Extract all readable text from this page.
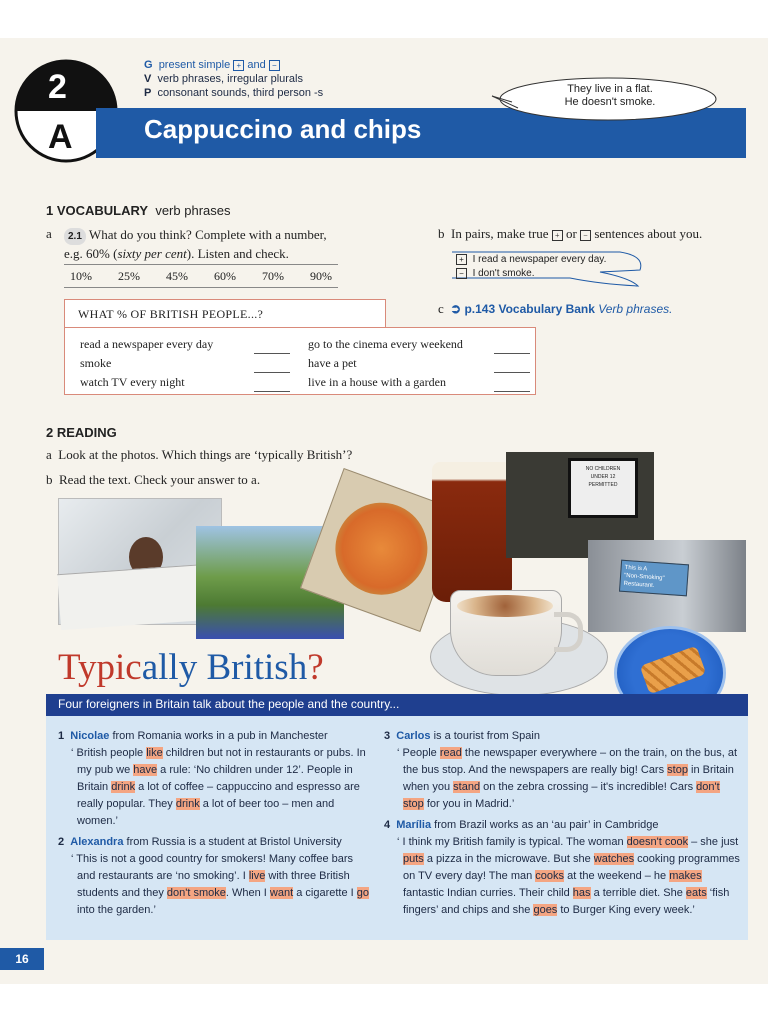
2
A
G present simple + and −
V verb phrases, irregular plurals
P consonant sounds, third person -s
Cappuccino and chips
They live in a flat.
He doesn't smoke.
1 VOCABULARY verb phrases
a	2.1 What do you think? Complete with a number,
e.g. 60% (sixty per cent). Listen and check.
10% 25% 45% 60% 70% 90%
WHAT % OF BRITISH PEOPLE...?
read a newspaper every day
smoke
watch TV every night
go to the cinema every weekend
have a pet
live in a house with a garden
b In pairs, make true + or − sentences about you.
+ I read a newspaper every day.
− I don't smoke.
c ➲ p.143 Vocabulary Bank Verb phrases.
2 READING
a Look at the photos. Which things are ‘typically British’?
b Read the text. Check your answer to a.
NO CHILDREN
UNDER 12
PERMITTED
This is A
"Non-Smoking"
Restaurant.
Typically British?
Four foreigners in Britain talk about the people and the country...
1 Nicolae from Romania works in a pub in Manchester

‘ British people like children but not in restaurants or pubs. In my pub we have a rule: ‘No children under 12’. People in Britain drink a lot of coffee – cappuccino and espresso are really popular. They drink a lot of beer too – men and women.’

2 Alexandra from Russia is a student at Bristol University

‘ This is not a good country for smokers! Many coffee bars and restaurants are ‘no smoking’. I live with three British students and they don't smoke. When I want a cigarette I go into the garden.’

3 Carlos is a tourist from Spain

‘ People read the newspaper everywhere – on the train, on the bus, at the bus stop. And the newspapers are really big! Cars stop in Britain when you stand on the zebra crossing – it's incredible! Cars don't stop for you in Madrid.’

4 Marília from Brazil works as an ‘au pair’ in Cambridge

‘ I think my British family is typical. The woman doesn't cook – she just puts a pizza in the microwave. But she watches cooking programmes on TV every day! The man cooks at the weekend – he makes fantastic Indian curries. Their child has a terrible diet. She eats ‘fish fingers’ and chips and she goes to Burger King every week.’

16
